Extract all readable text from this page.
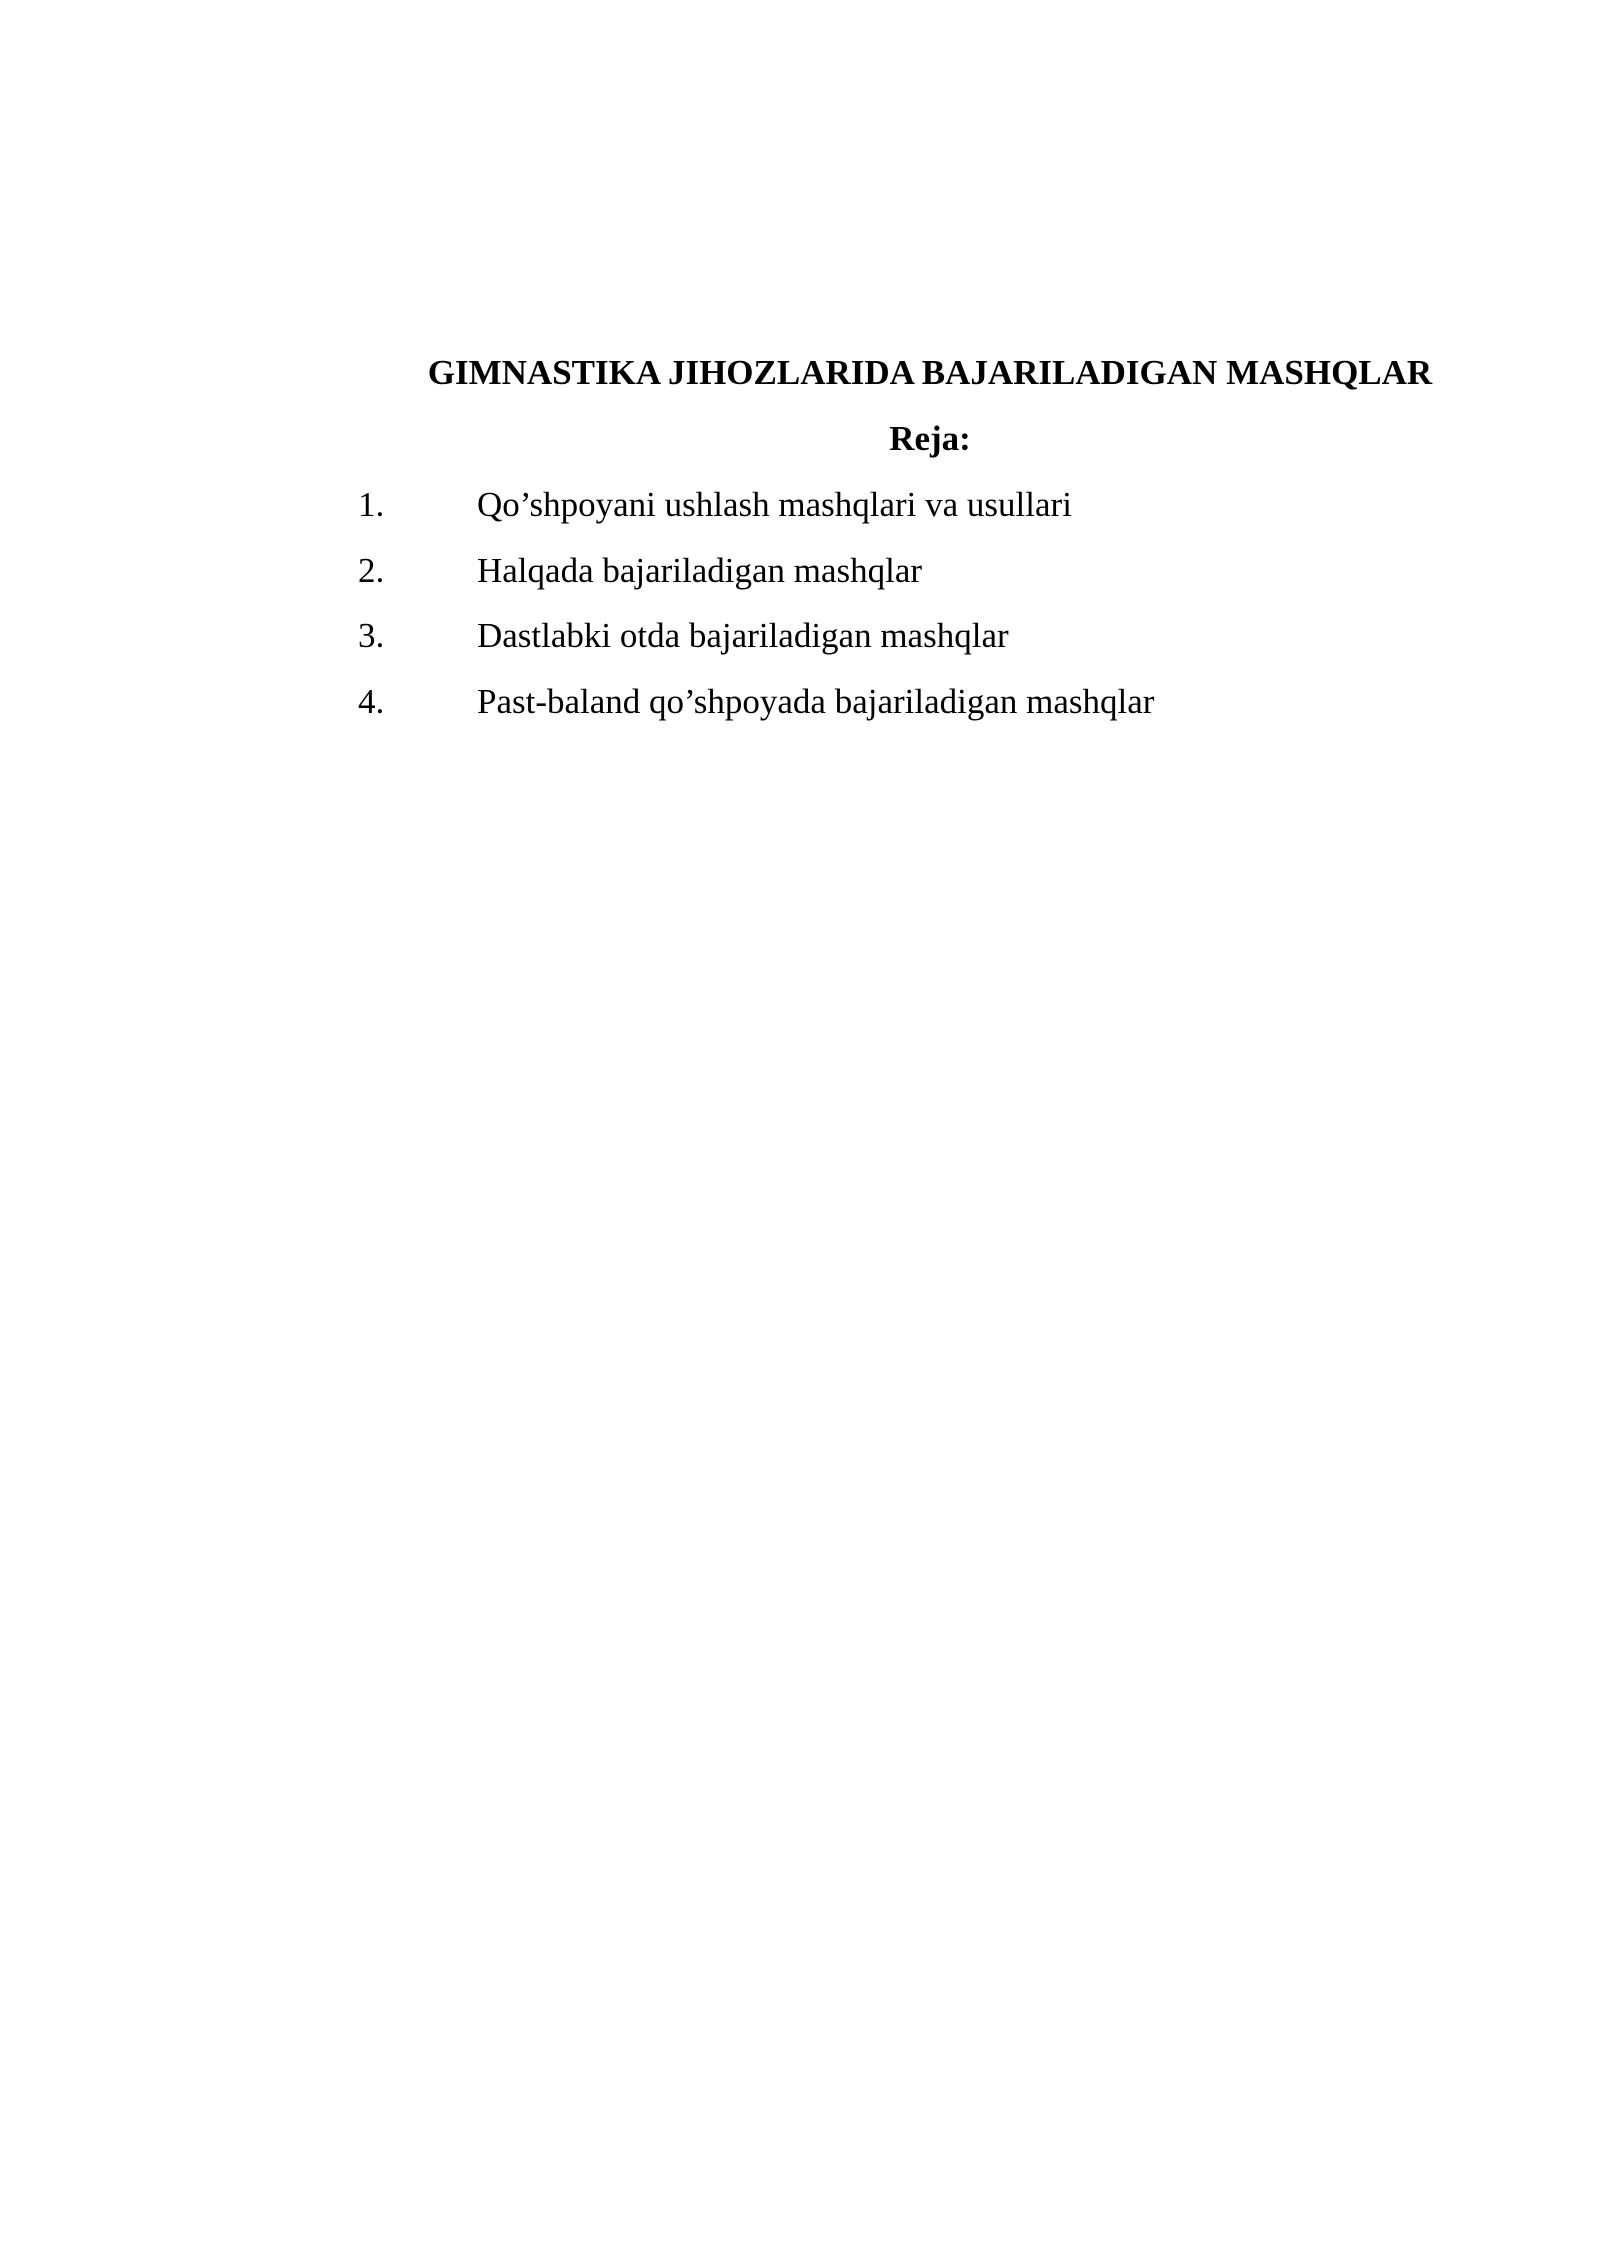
GIMNASTIKA JIHOZLARIDA BAJARILADIGAN MASHQLAR
Reja:
1.	Qo’shpoyani ushlash mashqlari va usullari
2.	Halqada bajariladigan mashqlar
3.	Dastlabki otda bajariladigan mashqlar
4.	Past-baland qo’shpoyada bajariladigan mashqlar
